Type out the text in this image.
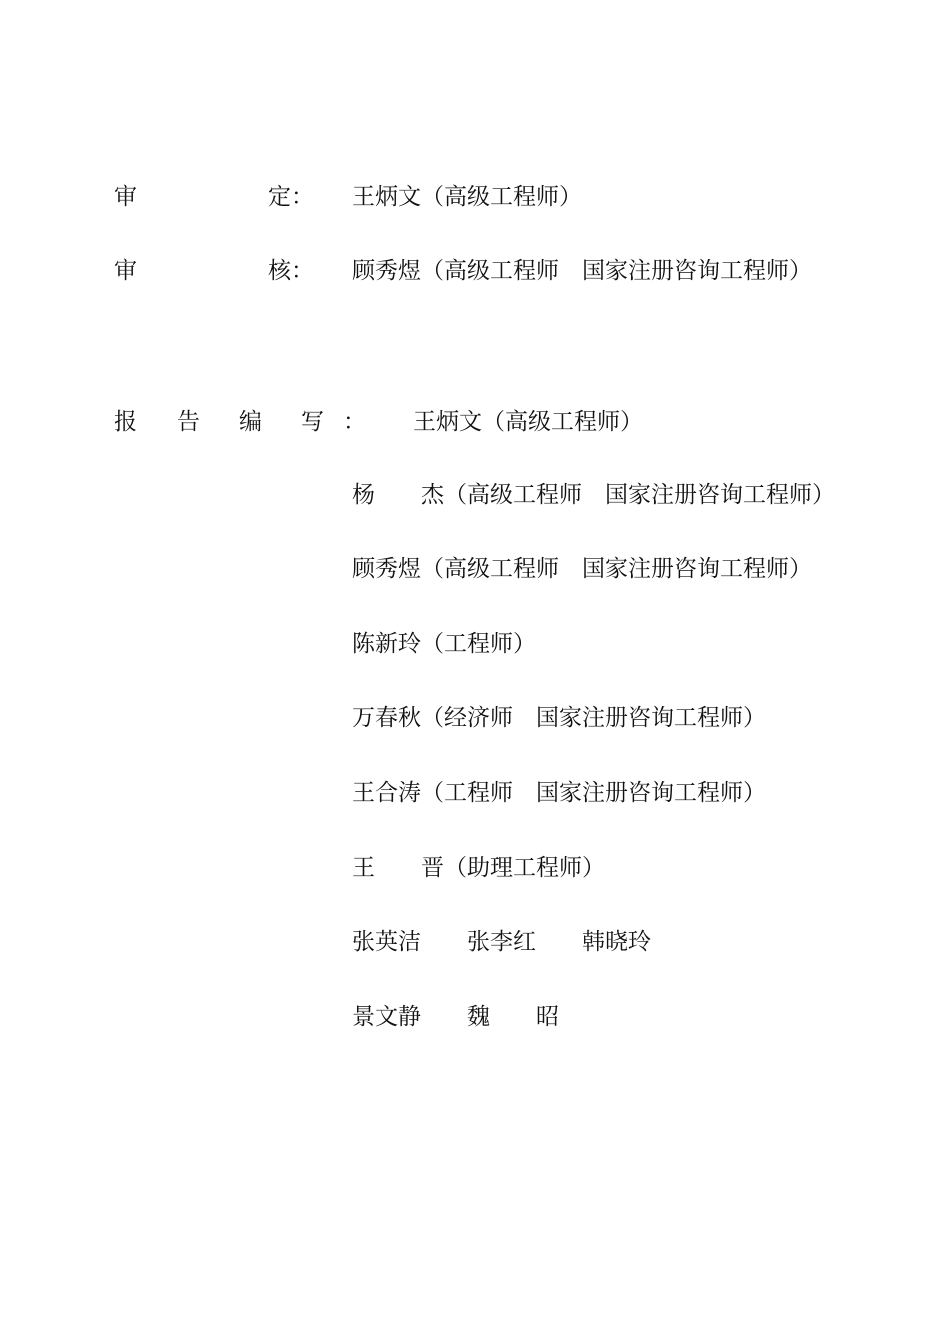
审	定： 王炳文（高级工程师）
审	核： 顾秀煜（高级工程师　国家注册咨询工程师）
报 告 编 写 ： 王炳文（高级工程师）
杨　　杰（高级工程师　国家注册咨询工程师）
顾秀煜（高级工程师　国家注册咨询工程师）
陈新玲（工程师）
万春秋（经济师　国家注册咨询工程师）
王合涛（工程师　国家注册咨询工程师）
王　　晋（助理工程师）
张英洁　　张李红　　韩晓玲
景文静　　魏　　昭
